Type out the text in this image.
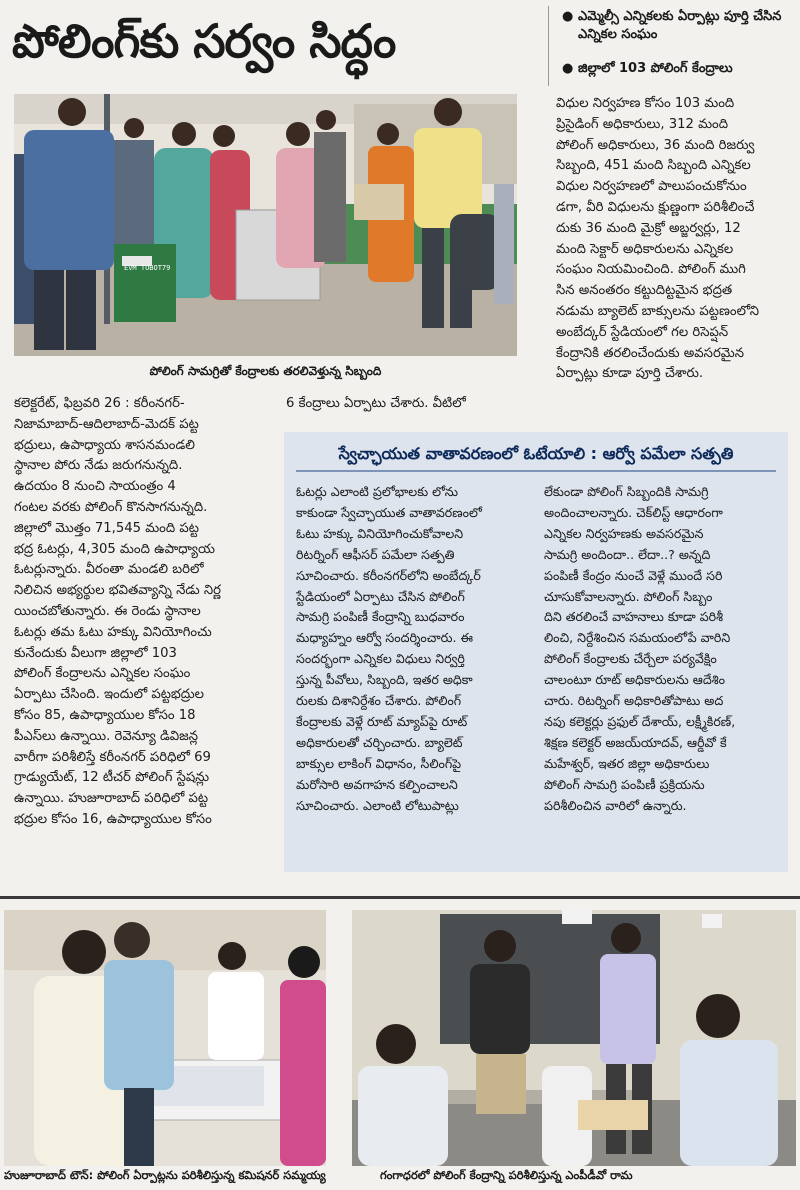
పోలింగ్‌కు సర్వం సిద్ధం	● ఎమ్మెల్సీ ఎన్నికలకు ఏర్పాట్లు పూర్తి చేసిన ఎన్నికల సంఘం
● జిల్లాలో 103 పోలింగ్ కేంద్రాలు
EVM TOBOT79
పోలింగ్ సామగ్రితో కేంద్రాలకు తరలివెళ్తున్న సిబ్బంది
విధుల నిర్వహణ కోసం 103 మంది
ప్రిసైడింగ్ అధికారులు, 312 మంది
పోలింగ్ అధికారులు, 36 మంది రిజర్వు
సిబ్బంది, 451 మంది సిబ్బంది ఎన్నికల
విధుల నిర్వహణలో పాలుపంచుకోనుం
డగా, వీరి విధులను క్షుణ్ణంగా పరిశీలించే
దుకు 36 మంది మైక్రో అబ్జర్వర్లు, 12
మంది సెక్టార్ అధికారులను ఎన్నికల
సంఘం నియమించింది. పోలింగ్ ముగి
సిన అనంతరం కట్టుదిట్టమైన భద్రత
నడుమ బ్యాలెట్ బాక్సులను పట్టణంలోని
అంబేద్కర్ స్టేడియంలో గల రిసెప్షన్
కేంద్రానికి తరలించేందుకు అవసరమైన
ఏర్పాట్లు కూడా పూర్తి చేశారు.
కలెక్టరేట్, ఫిబ్రవరి 26 : కరీంనగర్-
నిజామాబాద్-ఆదిలాబాద్-మెదక్ పట్ట
భద్రులు, ఉపాధ్యాయ శాసనమండలి
స్థానాల పోరు నేడు జరుగనున్నది.
ఉదయం 8 నుంచి సాయంత్రం 4
గంటల వరకు పోలింగ్ కొనసాగనున్నది.
జిల్లాలో మొత్తం 71,545 మంది పట్ట
భద్ర ఓటర్లు, 4,305 మంది ఉపాధ్యాయ
ఓటర్లున్నారు. వీరంతా మండలి బరిలో
నిలిచిన అభ్యర్థుల భవితవ్యాన్ని నేడు నిర్ణ
యించబోతున్నారు. ఈ రెండు స్థానాల
ఓటర్లు తమ ఓటు హక్కు వినియోగించు
కునేందుకు వీలుగా జిల్లాలో 103
పోలింగ్ కేంద్రాలను ఎన్నికల సంఘం
ఏర్పాటు చేసింది. ఇందులో పట్టభద్రుల
కోసం 85, ఉపాధ్యాయుల కోసం 18
పీఎస్‌లు ఉన్నాయి. రెవెన్యూ డివిజన్ల
వారీగా పరిశీలిస్తే కరీంనగర్ పరిధిలో 69
గ్రాడ్యుయేట్, 12 టీచర్ పోలింగ్ స్టేషన్లు
ఉన్నాయి. హుజూరాబాద్ పరిధిలో పట్ట
భద్రుల కోసం 16, ఉపాధ్యాయుల కోసం
6 కేంద్రాలు ఏర్పాటు చేశారు. వీటిలో
స్వేచ్ఛాయుత వాతావరణంలో ఓటేయాలి : ఆర్వో పమేలా సత్పతి
ఓటర్లు ఎలాంటి ప్రలోభాలకు లోను
కాకుండా స్వేచ్ఛాయుత వాతావరణంలో
ఓటు హక్కు వినియోగించుకోవాలని
రిటర్నింగ్ ఆఫీసర్ పమేలా సత్పతి
సూచించారు. కరీంనగర్‌లోని అంబేద్కర్
స్టేడియంలో ఏర్పాటు చేసిన పోలింగ్
సామగ్రి పంపిణీ కేంద్రాన్ని బుధవారం
మధ్యాహ్నం ఆర్వో సందర్శించారు. ఈ
సందర్భంగా ఎన్నికల విధులు నిర్వర్తి
స్తున్న పీవోలు, సిబ్బంది, ఇతర అధికా
రులకు దిశానిర్దేశం చేశారు. పోలింగ్
కేంద్రాలకు వెళ్లే రూట్ మ్యాప్‌పై రూట్
అధికారులతో చర్చించారు. బ్యాలెట్
బాక్సుల లాకింగ్ విధానం, సీలింగ్‌పై
మరోసారి అవగాహన కల్పించాలని
సూచించారు. ఎలాంటి లోటుపాట్లు
లేకుండా పోలింగ్ సిబ్బందికి సామగ్రి
అందించాలన్నారు. చెక్‌లిస్ట్ ఆధారంగా
ఎన్నికల నిర్వహణకు అవసరమైన
సామగ్రి అందిందా.. లేదా..? అన్నది
పంపిణీ కేంద్రం నుంచే వెళ్లే ముందే సరి
చూసుకోవాలన్నారు. పోలింగ్ సిబ్బం
దిని తరలించే వాహనాలు కూడా పరిశీ
లించి, నిర్దేశించిన సమయంలోపే వారిని
పోలింగ్ కేంద్రాలకు చేర్చేలా పర్యవేక్షిం
చాలంటూ రూట్ అధికారులను ఆదేశిం
చారు. రిటర్నింగ్ అధికారితోపాటు అద
నపు కలెక్టర్లు ప్రఫుల్ దేశాయ్, లక్ష్మీకిరణ్,
శిక్షణ కలెక్టర్ అజయ్‌యాదవ్, ఆర్డీవో కే
మహేశ్వర్, ఇతర జిల్లా అధికారులు
పోలింగ్ సామగ్రి పంపిణీ ప్రక్రియను
పరిశీలించిన వారిలో ఉన్నారు.
హుజూరాబాద్ టౌన్: పోలింగ్ ఏర్పాట్లను పరిశీలిస్తున్న కమిషనర్ సమ్మయ్య	గంగాధరలో పోలింగ్ కేంద్రాన్ని పరిశీలిస్తున్న ఎంపీడీవో రామ
